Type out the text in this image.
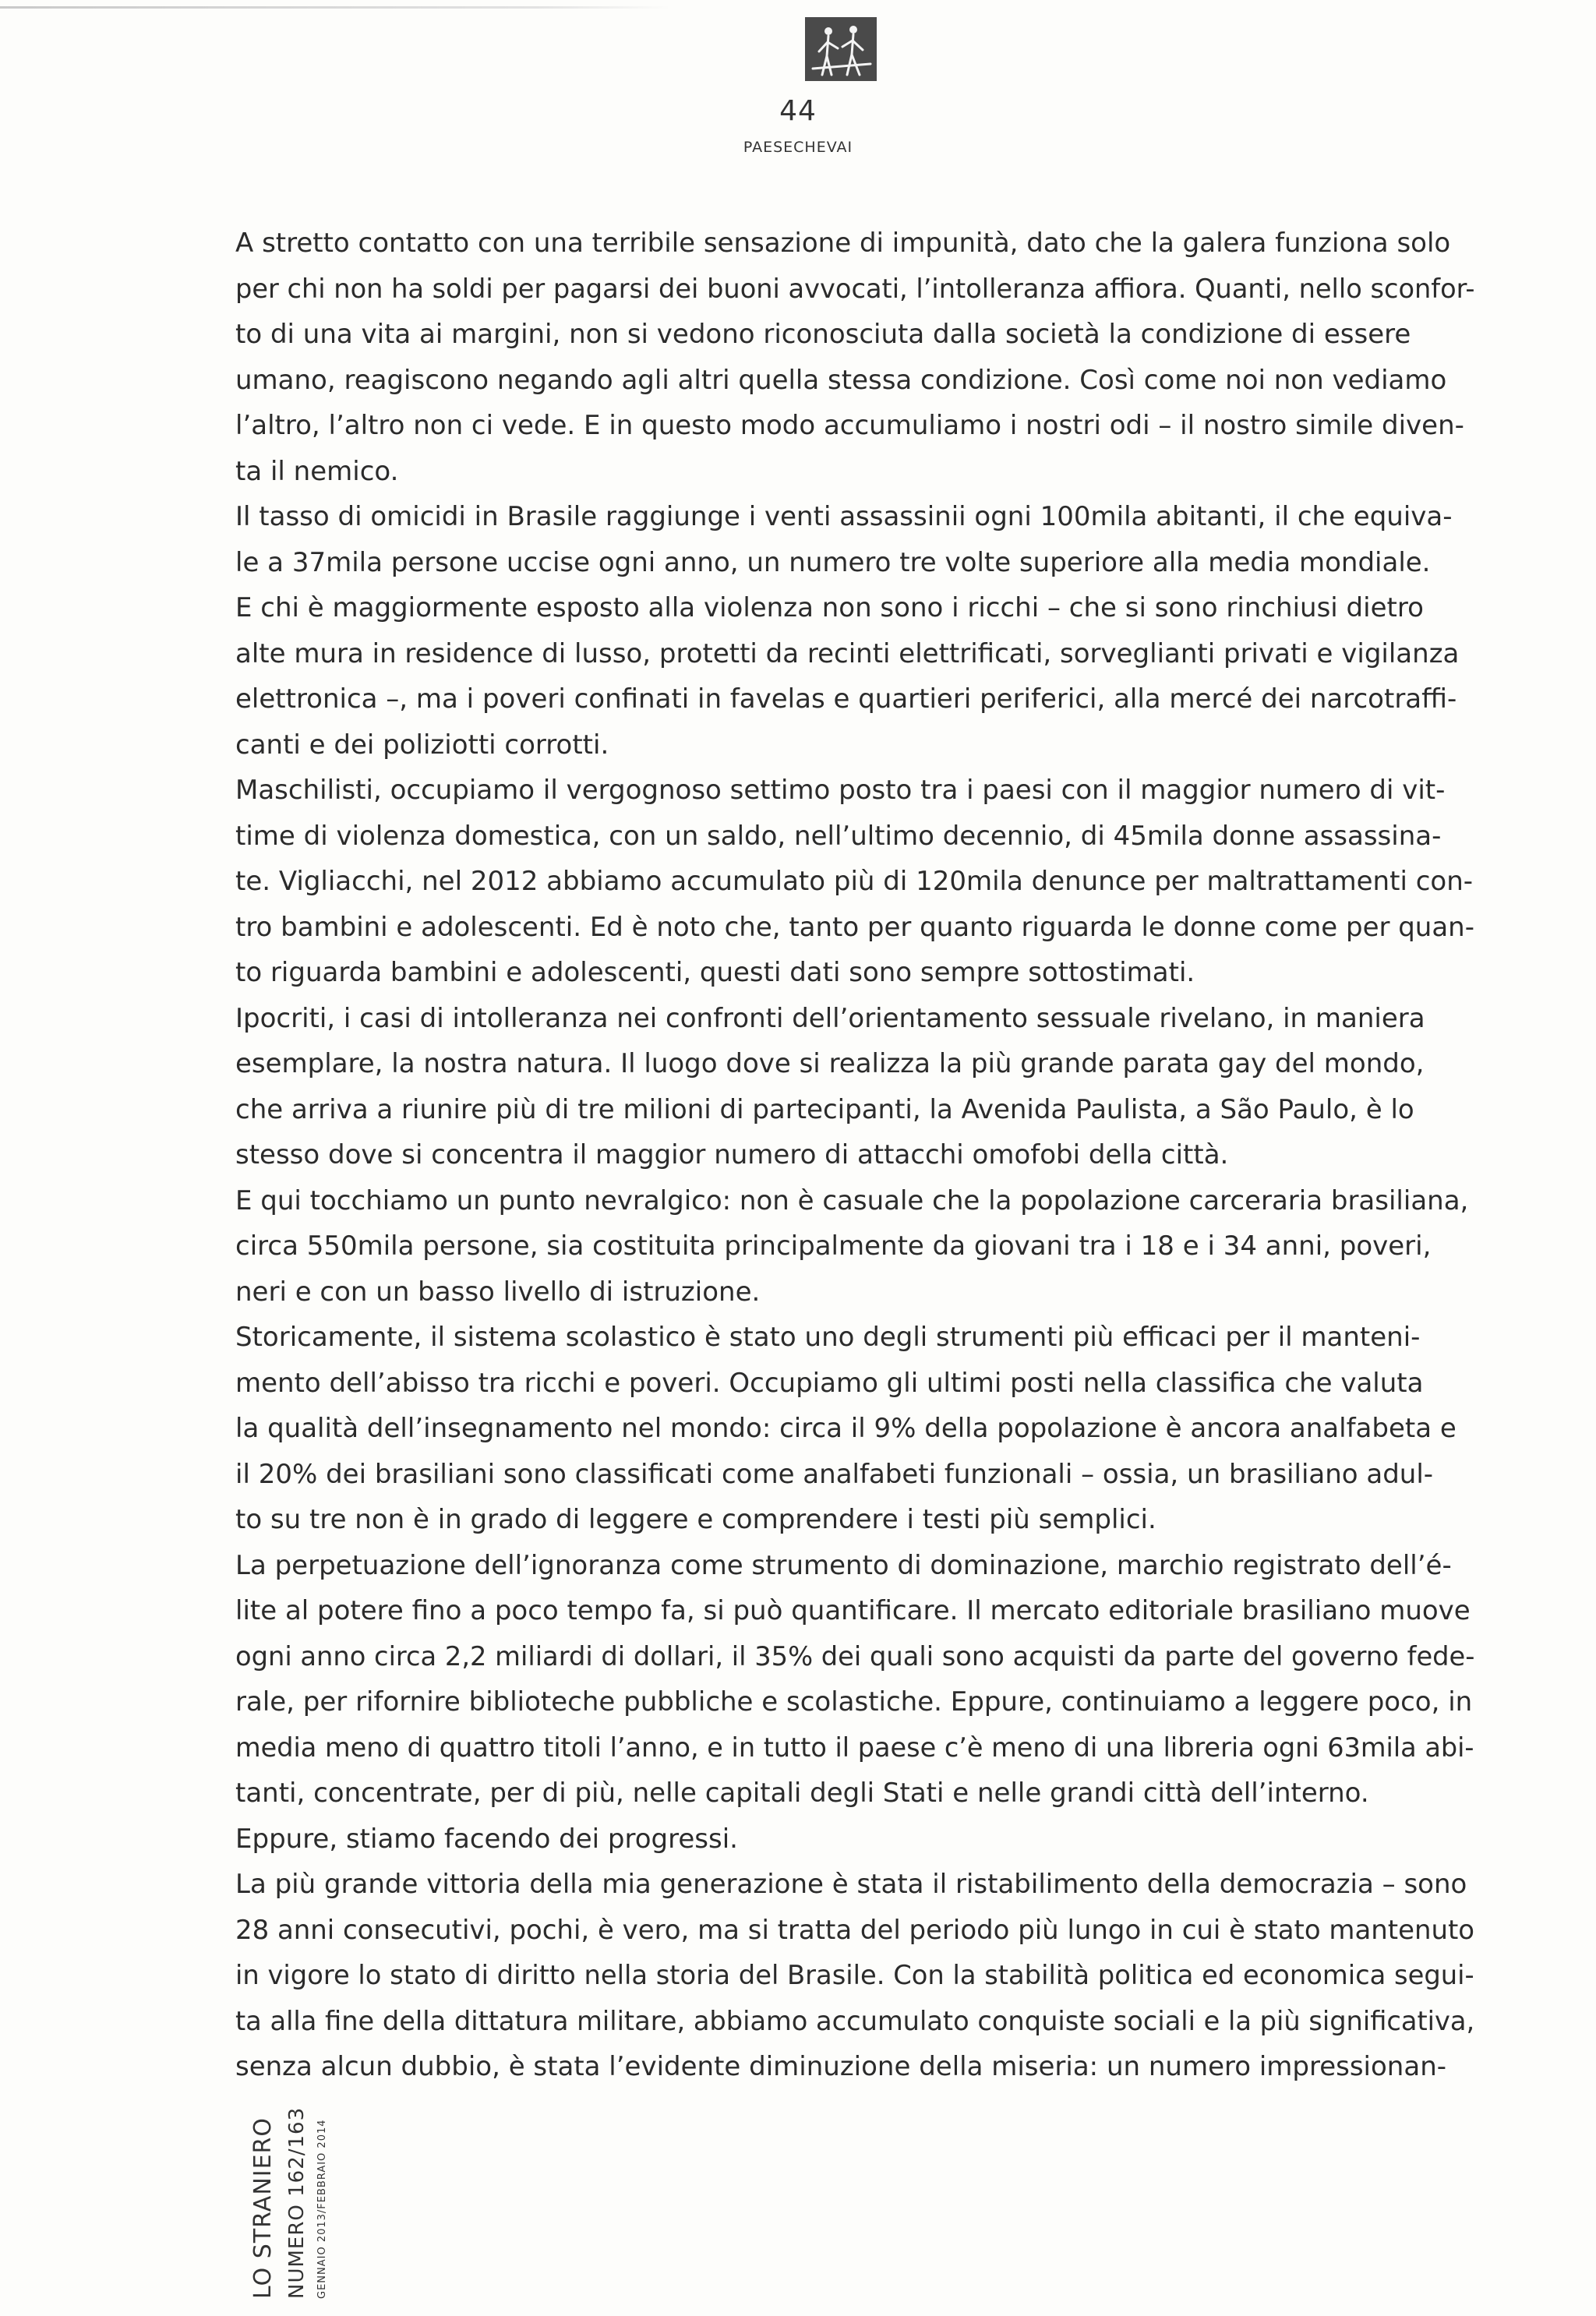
44
PAESECHEVAI
A stretto contatto con una terribile sensazione di impunità, dato che la galera funziona solo
per chi non ha soldi per pagarsi dei buoni avvocati, l’intolleranza affiora. Quanti, nello sconfor-
to di una vita ai margini, non si vedono riconosciuta dalla società la condizione di essere
umano, reagiscono negando agli altri quella stessa condizione. Così come noi non vediamo
l’altro, l’altro non ci vede. E in questo modo accumuliamo i nostri odi – il nostro simile diven-
ta il nemico.
Il tasso di omicidi in Brasile raggiunge i venti assassinii ogni 100mila abitanti, il che equiva-
le a 37mila persone uccise ogni anno, un numero tre volte superiore alla media mondiale.
E chi è maggiormente esposto alla violenza non sono i ricchi – che si sono rinchiusi dietro
alte mura in residence di lusso, protetti da recinti elettrificati, sorveglianti privati e vigilanza
elettronica –, ma i poveri confinati in favelas e quartieri periferici, alla mercé dei narcotraffi-
canti e dei poliziotti corrotti.
Maschilisti, occupiamo il vergognoso settimo posto tra i paesi con il maggior numero di vit-
time di violenza domestica, con un saldo, nell’ultimo decennio, di 45mila donne assassina-
te. Vigliacchi, nel 2012 abbiamo accumulato più di 120mila denunce per maltrattamenti con-
tro bambini e adolescenti. Ed è noto che, tanto per quanto riguarda le donne come per quan-
to riguarda bambini e adolescenti, questi dati sono sempre sottostimati.
Ipocriti, i casi di intolleranza nei confronti dell’orientamento sessuale rivelano, in maniera
esemplare, la nostra natura. Il luogo dove si realizza la più grande parata gay del mondo,
che arriva a riunire più di tre milioni di partecipanti, la Avenida Paulista, a São Paulo, è lo
stesso dove si concentra il maggior numero di attacchi omofobi della città.
E qui tocchiamo un punto nevralgico: non è casuale che la popolazione carceraria brasiliana,
circa 550mila persone, sia costituita principalmente da giovani tra i 18 e i 34 anni, poveri,
neri e con un basso livello di istruzione.
Storicamente, il sistema scolastico è stato uno degli strumenti più efficaci per il manteni-
mento dell’abisso tra ricchi e poveri. Occupiamo gli ultimi posti nella classifica che valuta
la qualità dell’insegnamento nel mondo: circa il 9% della popolazione è ancora analfabeta e
il 20% dei brasiliani sono classificati come analfabeti funzionali – ossia, un brasiliano adul-
to su tre non è in grado di leggere e comprendere i testi più semplici.
La perpetuazione dell’ignoranza come strumento di dominazione, marchio registrato dell’é-
lite al potere fino a poco tempo fa, si può quantificare. Il mercato editoriale brasiliano muove
ogni anno circa 2,2 miliardi di dollari, il 35% dei quali sono acquisti da parte del governo fede-
rale, per rifornire biblioteche pubbliche e scolastiche. Eppure, continuiamo a leggere poco, in
media meno di quattro titoli l’anno, e in tutto il paese c’è meno di una libreria ogni 63mila abi-
tanti, concentrate, per di più, nelle capitali degli Stati e nelle grandi città dell’interno.
Eppure, stiamo facendo dei progressi.
La più grande vittoria della mia generazione è stata il ristabilimento della democrazia – sono
28 anni consecutivi, pochi, è vero, ma si tratta del periodo più lungo in cui è stato mantenuto
in vigore lo stato di diritto nella storia del Brasile. Con la stabilità politica ed economica segui-
ta alla fine della dittatura militare, abbiamo accumulato conquiste sociali e la più significativa,
senza alcun dubbio, è stata l’evidente diminuzione della miseria: un numero impressionan-
LO STRANIERO NUMERO 162/163 GENNAIO 2013/FEBBRAIO 2014
